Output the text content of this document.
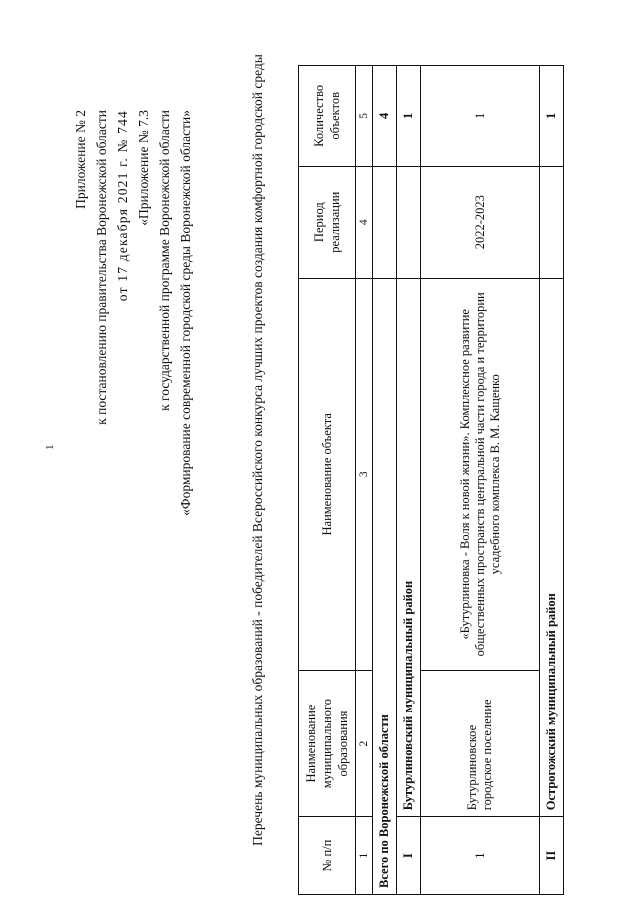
1
Приложение № 2 к постановлению правительства Воронежской области от 17 декабря 2021 г. № 744 «Приложение № 7.3 к государственной программе Воронежской области «Формирование современной городской среды Воронежской области»	Перечень муниципальных образований - победителей Всероссийского конкурса лучших проектов создания комфортной городской среды
№ п/п	Наименование муниципального образования	Наименование объекта	Период реализации	Количество объектов
1	2	3	4	5
Всего по Воронежской области				4
I	Бутурлиновский муниципальный район			1
1	Бутурлиновское городское поселение	«Бутурлиновка - Воля к новой жизни». Комплексное развитие общественных пространств центральной части города и территории усадебного комплекса В. М. Кащенко	2022-2023	1
II	Острогожский муниципальный район			1
